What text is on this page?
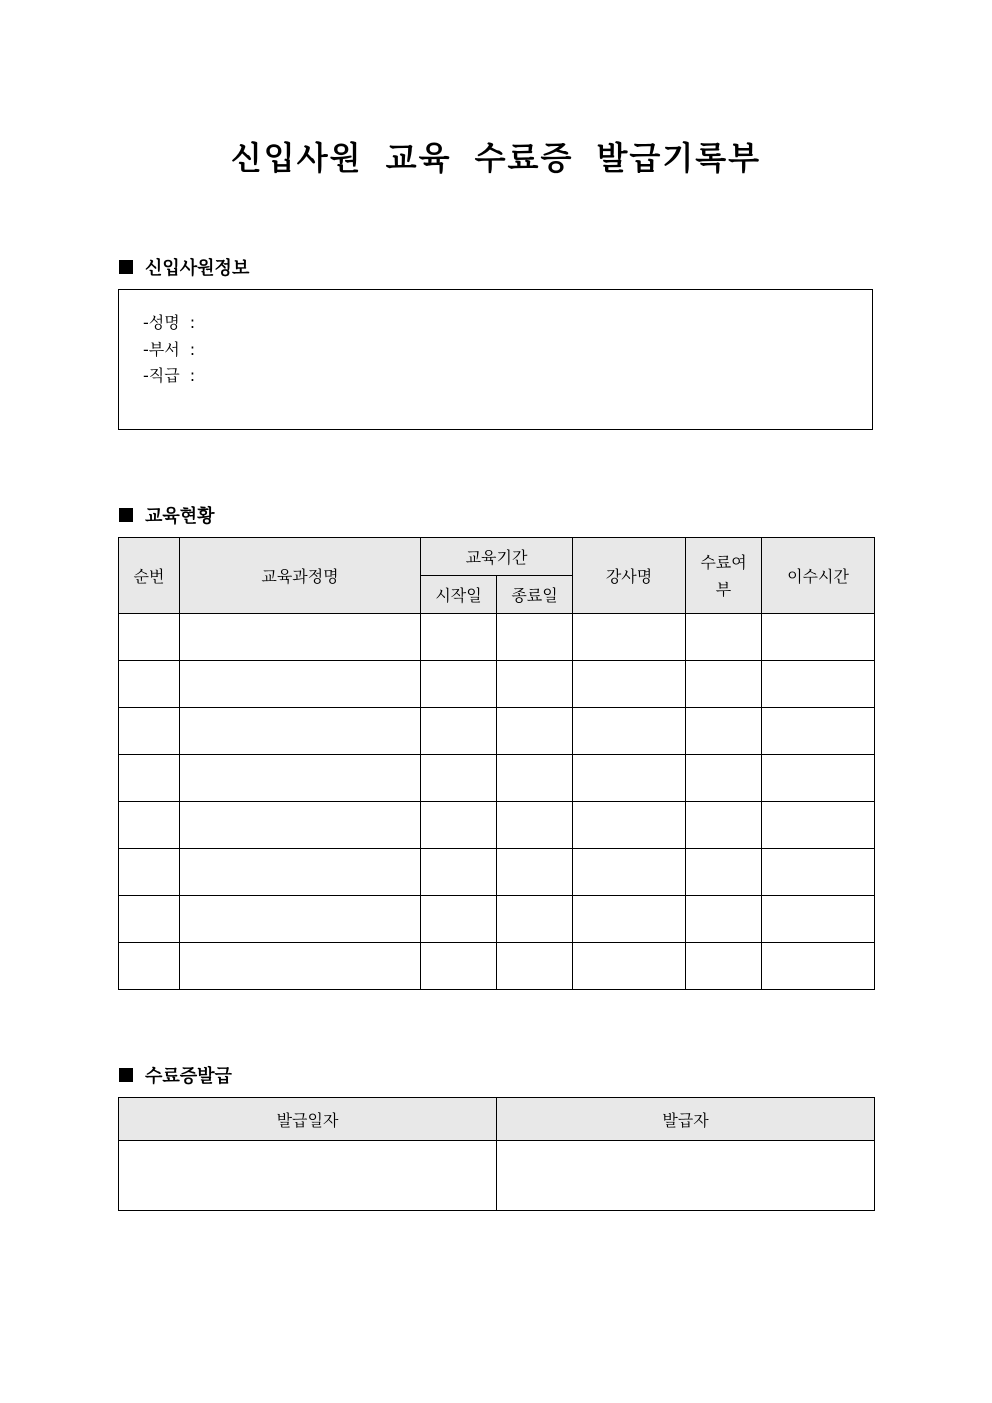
신입사원 교육 수료증 발급기록부
신입사원정보
-성명 :
-부서 :
-직급 :
교육현황
순번	교육과정명	교육기간		강사명	수료여부	이수시간
		시작일	종료일			

수료증발급
발급일자	발급자
